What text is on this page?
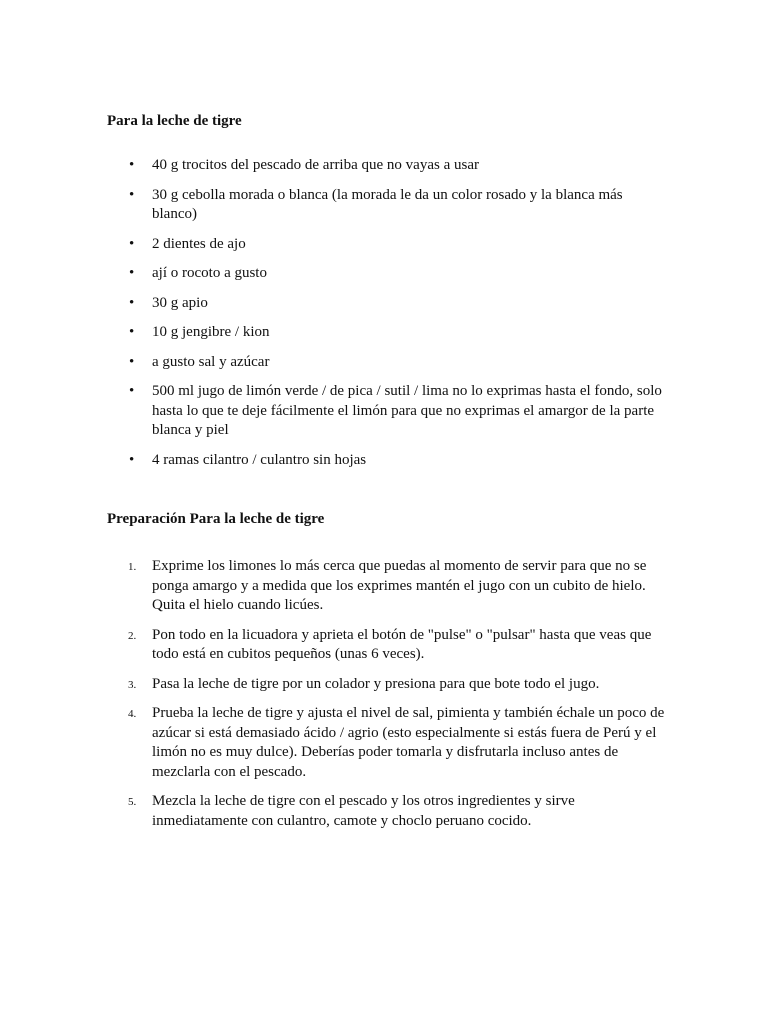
Para la leche de tigre

• 40 g trocitos del pescado de arriba que no vayas a usar
• 30 g cebolla morada o blanca (la morada le da un color rosado y la blanca más blanco)
• 2 dientes de ajo
• ají o rocoto a gusto
• 30 g apio
• 10 g jengibre / kion
• a gusto sal y azúcar
• 500 ml jugo de limón verde / de pica / sutil / lima no lo exprimas hasta el fondo, solo hasta lo que te deje fácilmente el limón para que no exprimas el amargor de la parte blanca y piel
• 4 ramas cilantro / culantro sin hojas

Preparación Para la leche de tigre

1. Exprime los limones lo más cerca que puedas al momento de servir para que no se ponga amargo y a medida que los exprimes mantén el jugo con un cubito de hielo. Quita el hielo cuando licúes.
2. Pon todo en la licuadora y aprieta el botón de "pulse" o "pulsar" hasta que veas que todo está en cubitos pequeños (unas 6 veces).
3. Pasa la leche de tigre por un colador y presiona para que bote todo el jugo.
4. Prueba la leche de tigre y ajusta el nivel de sal, pimienta y también échale un poco de azúcar si está demasiado ácido / agrio (esto especialmente si estás fuera de Perú y el limón no es muy dulce). Deberías poder tomarla y disfrutarla incluso antes de mezclarla con el pescado.
5. Mezcla la leche de tigre con el pescado y los otros ingredientes y sirve inmediatamente con culantro, camote y choclo peruano cocido.
